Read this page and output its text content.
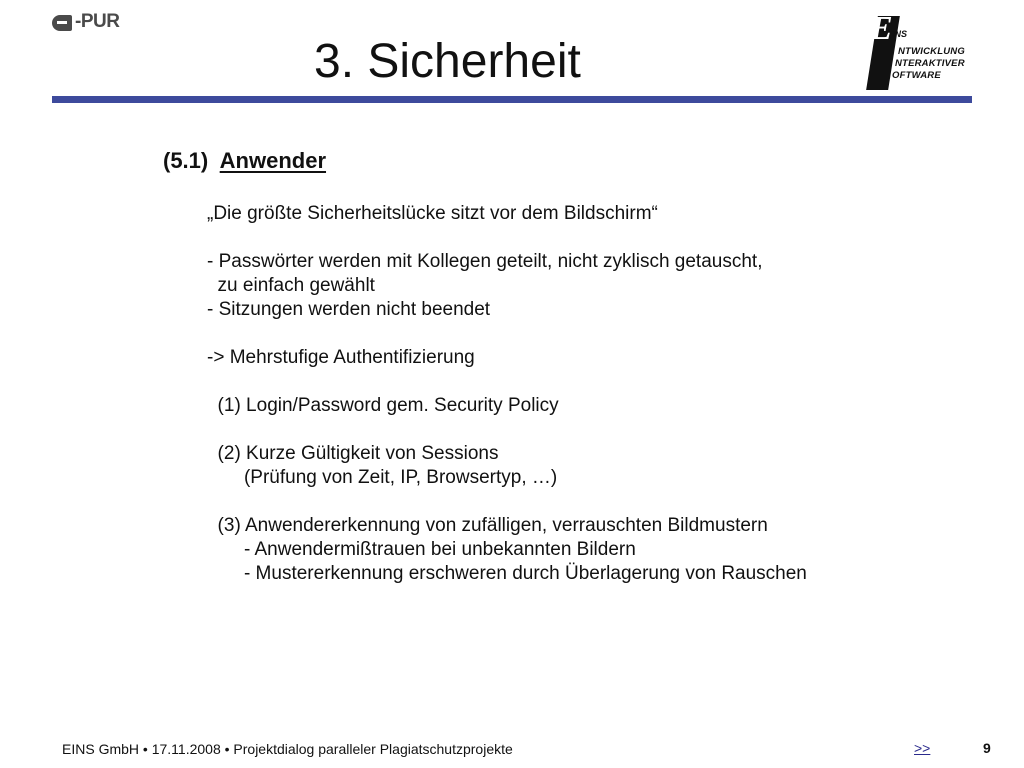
-PUR
3. Sicherheit
E INS
NTWICKLUNG
NTERAKTIVER
OFTWARE
(5.1) Anwender

„Die größte Sicherheitslücke sitzt vor dem Bildschirm“

- Passwörter werden mit Kollegen geteilt, nicht zyklisch getauscht,

zu einfach gewählt

- Sitzungen werden nicht beendet

-> Mehrstufige Authentifizierung

(1) Login/Password gem. Security Policy

(2) Kurze Gültigkeit von Sessions

(Prüfung von Zeit, IP, Browsertyp, …)

(3) Anwendererkennung von zufälligen, verrauschten Bildmustern

- Anwendermißtrauen bei unbekannten Bildern

- Mustererkennung erschweren durch Überlagerung von Rauschen

EINS GmbH • 17.11.2008 • Projektdialog paralleler Plagiatschutzprojekte	>>	9
